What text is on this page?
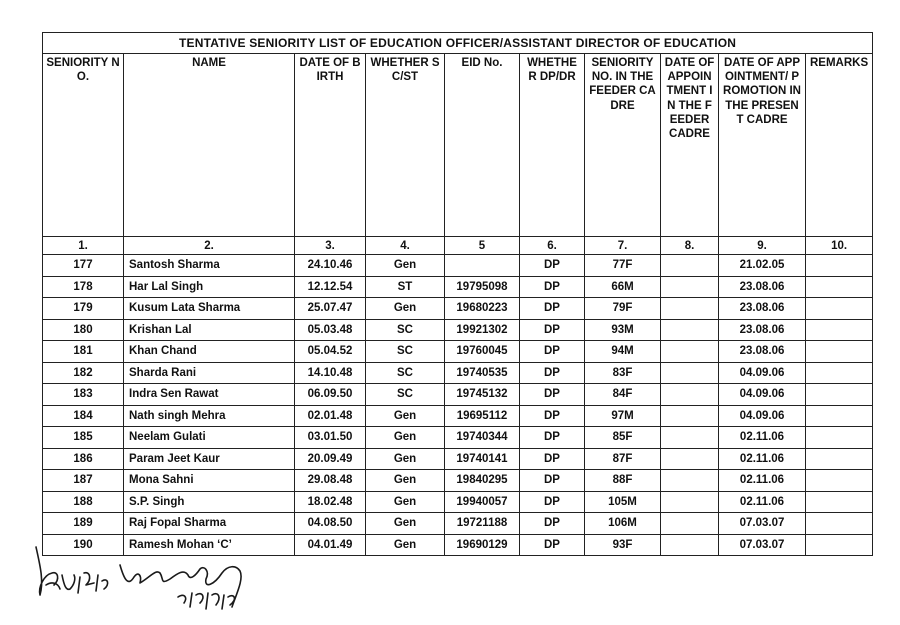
TENTATIVE SENIORITY LIST OF EDUCATION OFFICER/ASSISTANT DIRECTOR OF EDUCATION									
SENIORITY NO.	NAME	DATE OF BIRTH	WHETHER SC/ST	EID No.	WHETHER DP/DR	SENIORITY NO. IN THE FEEDER CADRE	DATE OF APPOINTMENT IN THE FEEDER CADRE	DATE OF APPOINTMENT/ PROMOTION IN THE PRESENT CADRE	REMARKS
1.	2.	3.	4.	5	6.	7.	8.	9.	10.
177	Santosh Sharma	24.10.46	Gen		DP	77F		21.02.05	
178	Har Lal Singh	12.12.54	ST	19795098	DP	66M		23.08.06	
179	Kusum Lata Sharma	25.07.47	Gen	19680223	DP	79F		23.08.06	
180	Krishan Lal	05.03.48	SC	19921302	DP	93M		23.08.06	
181	Khan Chand	05.04.52	SC	19760045	DP	94M		23.08.06	
182	Sharda Rani	14.10.48	SC	19740535	DP	83F		04.09.06	
183	Indra Sen Rawat	06.09.50	SC	19745132	DP	84F		04.09.06	
184	Nath singh Mehra	02.01.48	Gen	19695112	DP	97M		04.09.06	
185	Neelam Gulati	03.01.50	Gen	19740344	DP	85F		02.11.06	
186	Param Jeet Kaur	20.09.49	Gen	19740141	DP	87F		02.11.06	
187	Mona Sahni	29.08.48	Gen	19840295	DP	88F		02.11.06	
188	S.P. Singh	18.02.48	Gen	19940057	DP	105M		02.11.06	
189	Raj Fopal Sharma	04.08.50	Gen	19721188	DP	106M		07.03.07	
190	Ramesh Mohan ‘C’	04.01.49	Gen	19690129	DP	93F		07.03.07	
